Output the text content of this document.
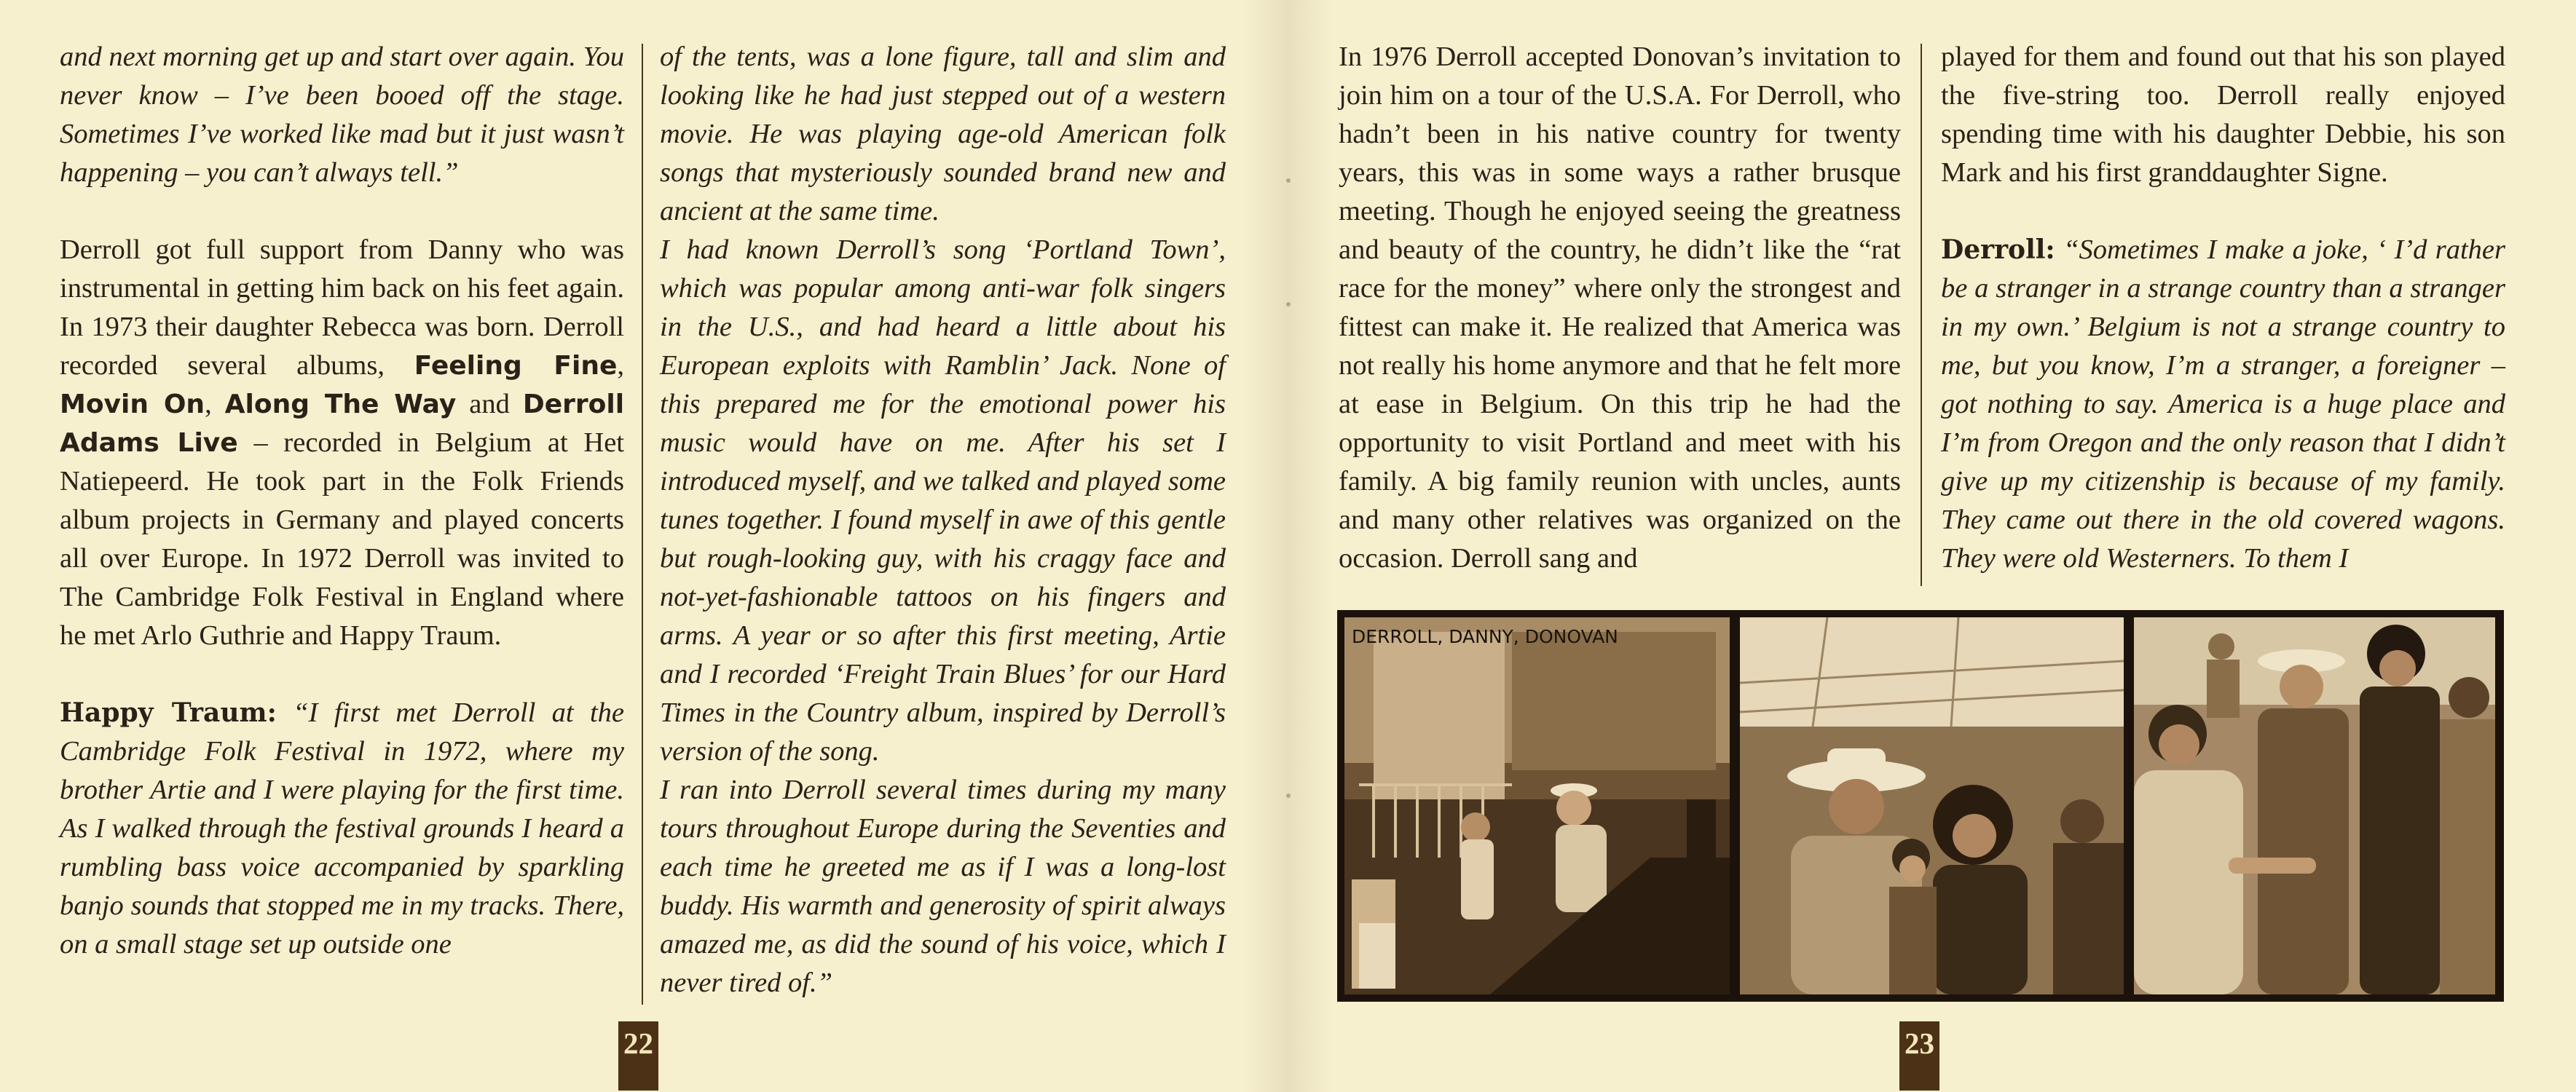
and next morning get up and start over again. You never know – I’ve been booed off the stage. Sometimes I’ve worked like mad but it just wasn’t happening – you can’t always tell.”

Derroll got full support from Danny who was instrumental in getting him back on his feet again. In 1973 their daughter Rebecca was born. Derroll recorded several albums, Feeling Fine, Movin On, Along The Way and Derroll Adams Live – recorded in Belgium at Het Natiepeerd. He took part in the Folk Friends album projects in Germany and played concerts all over Europe. In 1972 Derroll was invited to The Cambridge Folk Festival in England where he met Arlo Guthrie and Happy Traum.

Happy Traum: “I first met Derroll at the Cambridge Folk Festival in 1972, where my brother Artie and I were playing for the first time. As I walked through the festival grounds I heard a rumbling bass voice accompanied by sparkling banjo sounds that stopped me in my tracks. There, on a small stage set up outside one

of the tents, was a lone figure, tall and slim and looking like he had just stepped out of a western movie. He was playing age-old American folk songs that mysteriously sounded brand new and ancient at the same time.

I had known Derroll’s song ‘Portland Town’, which was popular among anti-war folk singers in the U.S., and had heard a little about his European exploits with Ramblin’ Jack. None of this prepared me for the emotional power his music would have on me. After his set I introduced myself, and we talked and played some tunes together. I found myself in awe of this gentle but rough-looking guy, with his craggy face and not-yet-fashionable tattoos on his fingers and arms. A year or so after this first meeting, Artie and I recorded ‘Freight Train Blues’ for our Hard Times in the Country album, inspired by Derroll’s version of the song.

I ran into Derroll several times during my many tours throughout Europe during the Seventies and each time he greeted me as if I was a long-lost buddy. His warmth and generosity of spirit always amazed me, as did the sound of his voice, which I never tired of.”

22

In 1976 Derroll accepted Donovan’s invitation to join him on a tour of the U.S.A. For Derroll, who hadn’t been in his native country for twenty years, this was in some ways a rather brusque meeting. Though he enjoyed seeing the greatness and beauty of the country, he didn’t like the “rat race for the money” where only the strongest and fittest can make it. He realized that America was not really his home anymore and that he felt more at ease in Belgium. On this trip he had the opportunity to visit Portland and meet with his family. A big family reunion with uncles, aunts and many other relatives was organized on the occasion. Derroll sang and

played for them and found out that his son played the five-string too. Derroll really enjoyed spending time with his daughter Debbie, his son Mark and his first granddaughter Signe.

Derroll: “Sometimes I make a joke, ‘ I’d rather be a stranger in a strange country than a stranger in my own.’ Belgium is not a strange country to me, but you know, I’m a stranger, a foreigner – got nothing to say. America is a huge place and I’m from Oregon and the only reason that I didn’t give up my citizenship is because of my family. They came out there in the old covered wagons. They were old Westerners. To them I

DERROLL, DANNY, DONOVAN
23
